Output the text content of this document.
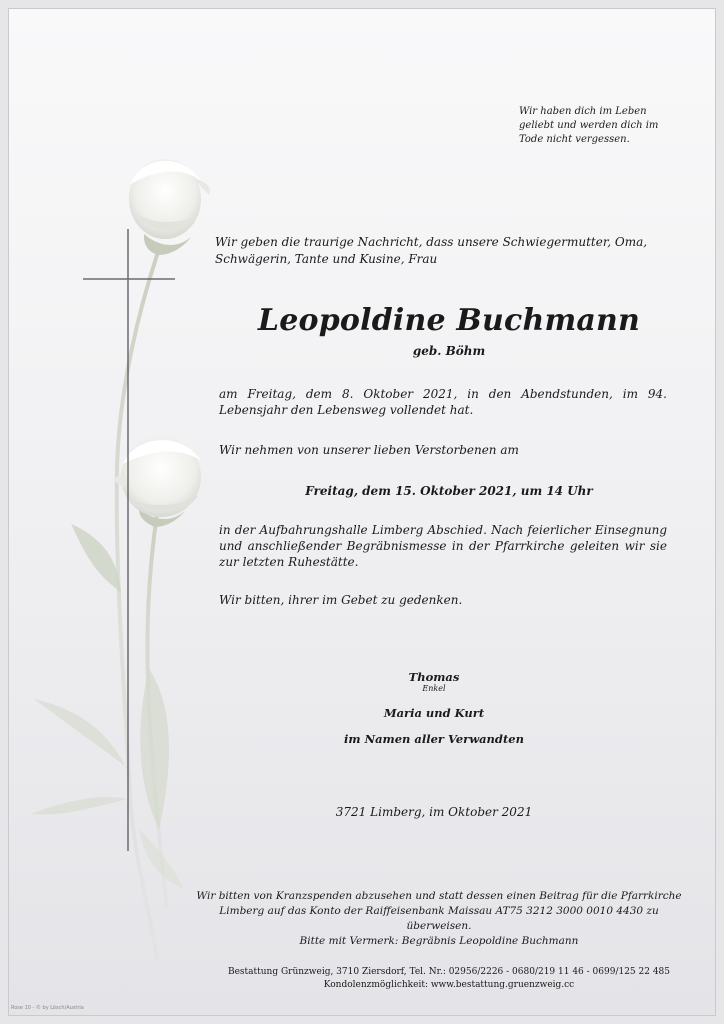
Wir haben dich im Leben
geliebt und werden dich im
Tode nicht vergessen.
Wir geben die traurige Nachricht, dass unsere Schwiegermutter, Oma, Schwägerin, Tante und Kusine, Frau
Leopoldine Buchmann
geb. Böhm
am Freitag, dem 8. Oktober 2021, in den Abendstunden, im 94. Lebensjahr den Lebensweg vollendet hat.
Wir nehmen von unserer lieben Verstorbenen am
Freitag, dem 15. Oktober 2021, um 14 Uhr
in der Aufbahrungshalle Limberg Abschied. Nach feierlicher Einsegnung und anschließender Begräbnismesse in der Pfarrkirche geleiten wir sie zur letzten Ruhestätte.
Wir bitten, ihrer im Gebet zu gedenken.
Thomas
Enkel
Maria und Kurt
im Namen aller Verwandten
3721 Limberg, im Oktober 2021
Wir bitten von Kranzspenden abzusehen und statt dessen einen Beitrag für die Pfarrkirche
Limberg auf das Konto der Raiffeisenbank Maissau AT75 3212 3000 0010 4430 zu überweisen.
Bitte mit Vermerk: Begräbnis Leopoldine Buchmann
Bestattung Grünzweig, 3710 Ziersdorf, Tel. Nr.: 02956/2226 - 0680/219 11 46 - 0699/125 22 485
Kondolenzmöglichkeit: www.bestattung.gruenzweig.cc
Rose 10 - © by Lösch/Austria
